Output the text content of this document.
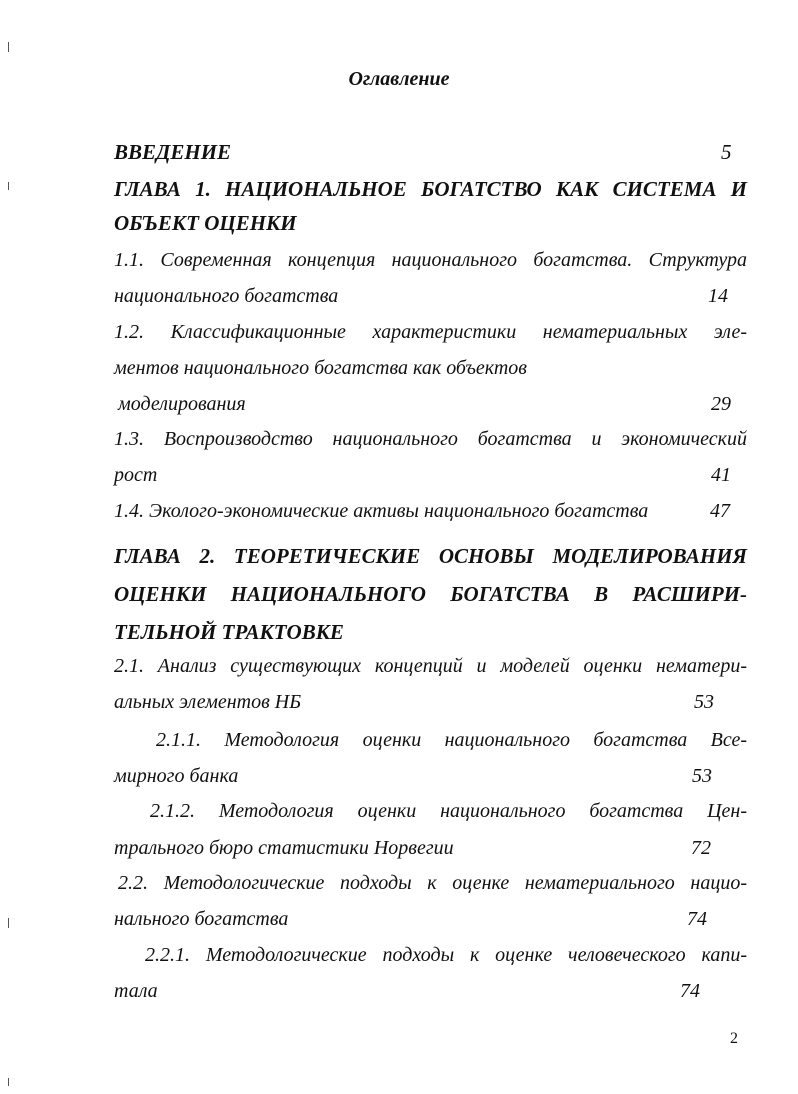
Оглавление
ВВЕДЕНИЕ	5
ГЛАВА 1. НАЦИОНАЛЬНОЕ БОГАТСТВО КАК СИСТЕМА И
ОБЪЕКТ ОЦЕНКИ
1.1. Современная концепция национального богатства. Структура
национального богатства	14
1.2. Классификационные характеристики нематериальных эле-
ментов национального богатства как объектов
моделирования	29
1.3. Воспроизводство национального богатства и экономический
рост	41
1.4. Эколого-экономические активы национального богатства	47
ГЛАВА 2. ТЕОРЕТИЧЕСКИЕ ОСНОВЫ МОДЕЛИРОВАНИЯ
ОЦЕНКИ НАЦИОНАЛЬНОГО БОГАТСТВА В РАСШИРИ-
ТЕЛЬНОЙ ТРАКТОВКЕ
2.1. Анализ существующих концепций и моделей оценки нематери-
альных элементов НБ	53
2.1.1. Методология оценки национального богатства Все-
мирного банка	53
2.1.2. Методология оценки национального богатства Цен-
трального бюро статистики Норвегии	72
2.2. Методологические подходы к оценке нематериального нацио-
нального богатства	74
2.2.1. Методологические подходы к оценке человеческого капи-
тала	74
2
